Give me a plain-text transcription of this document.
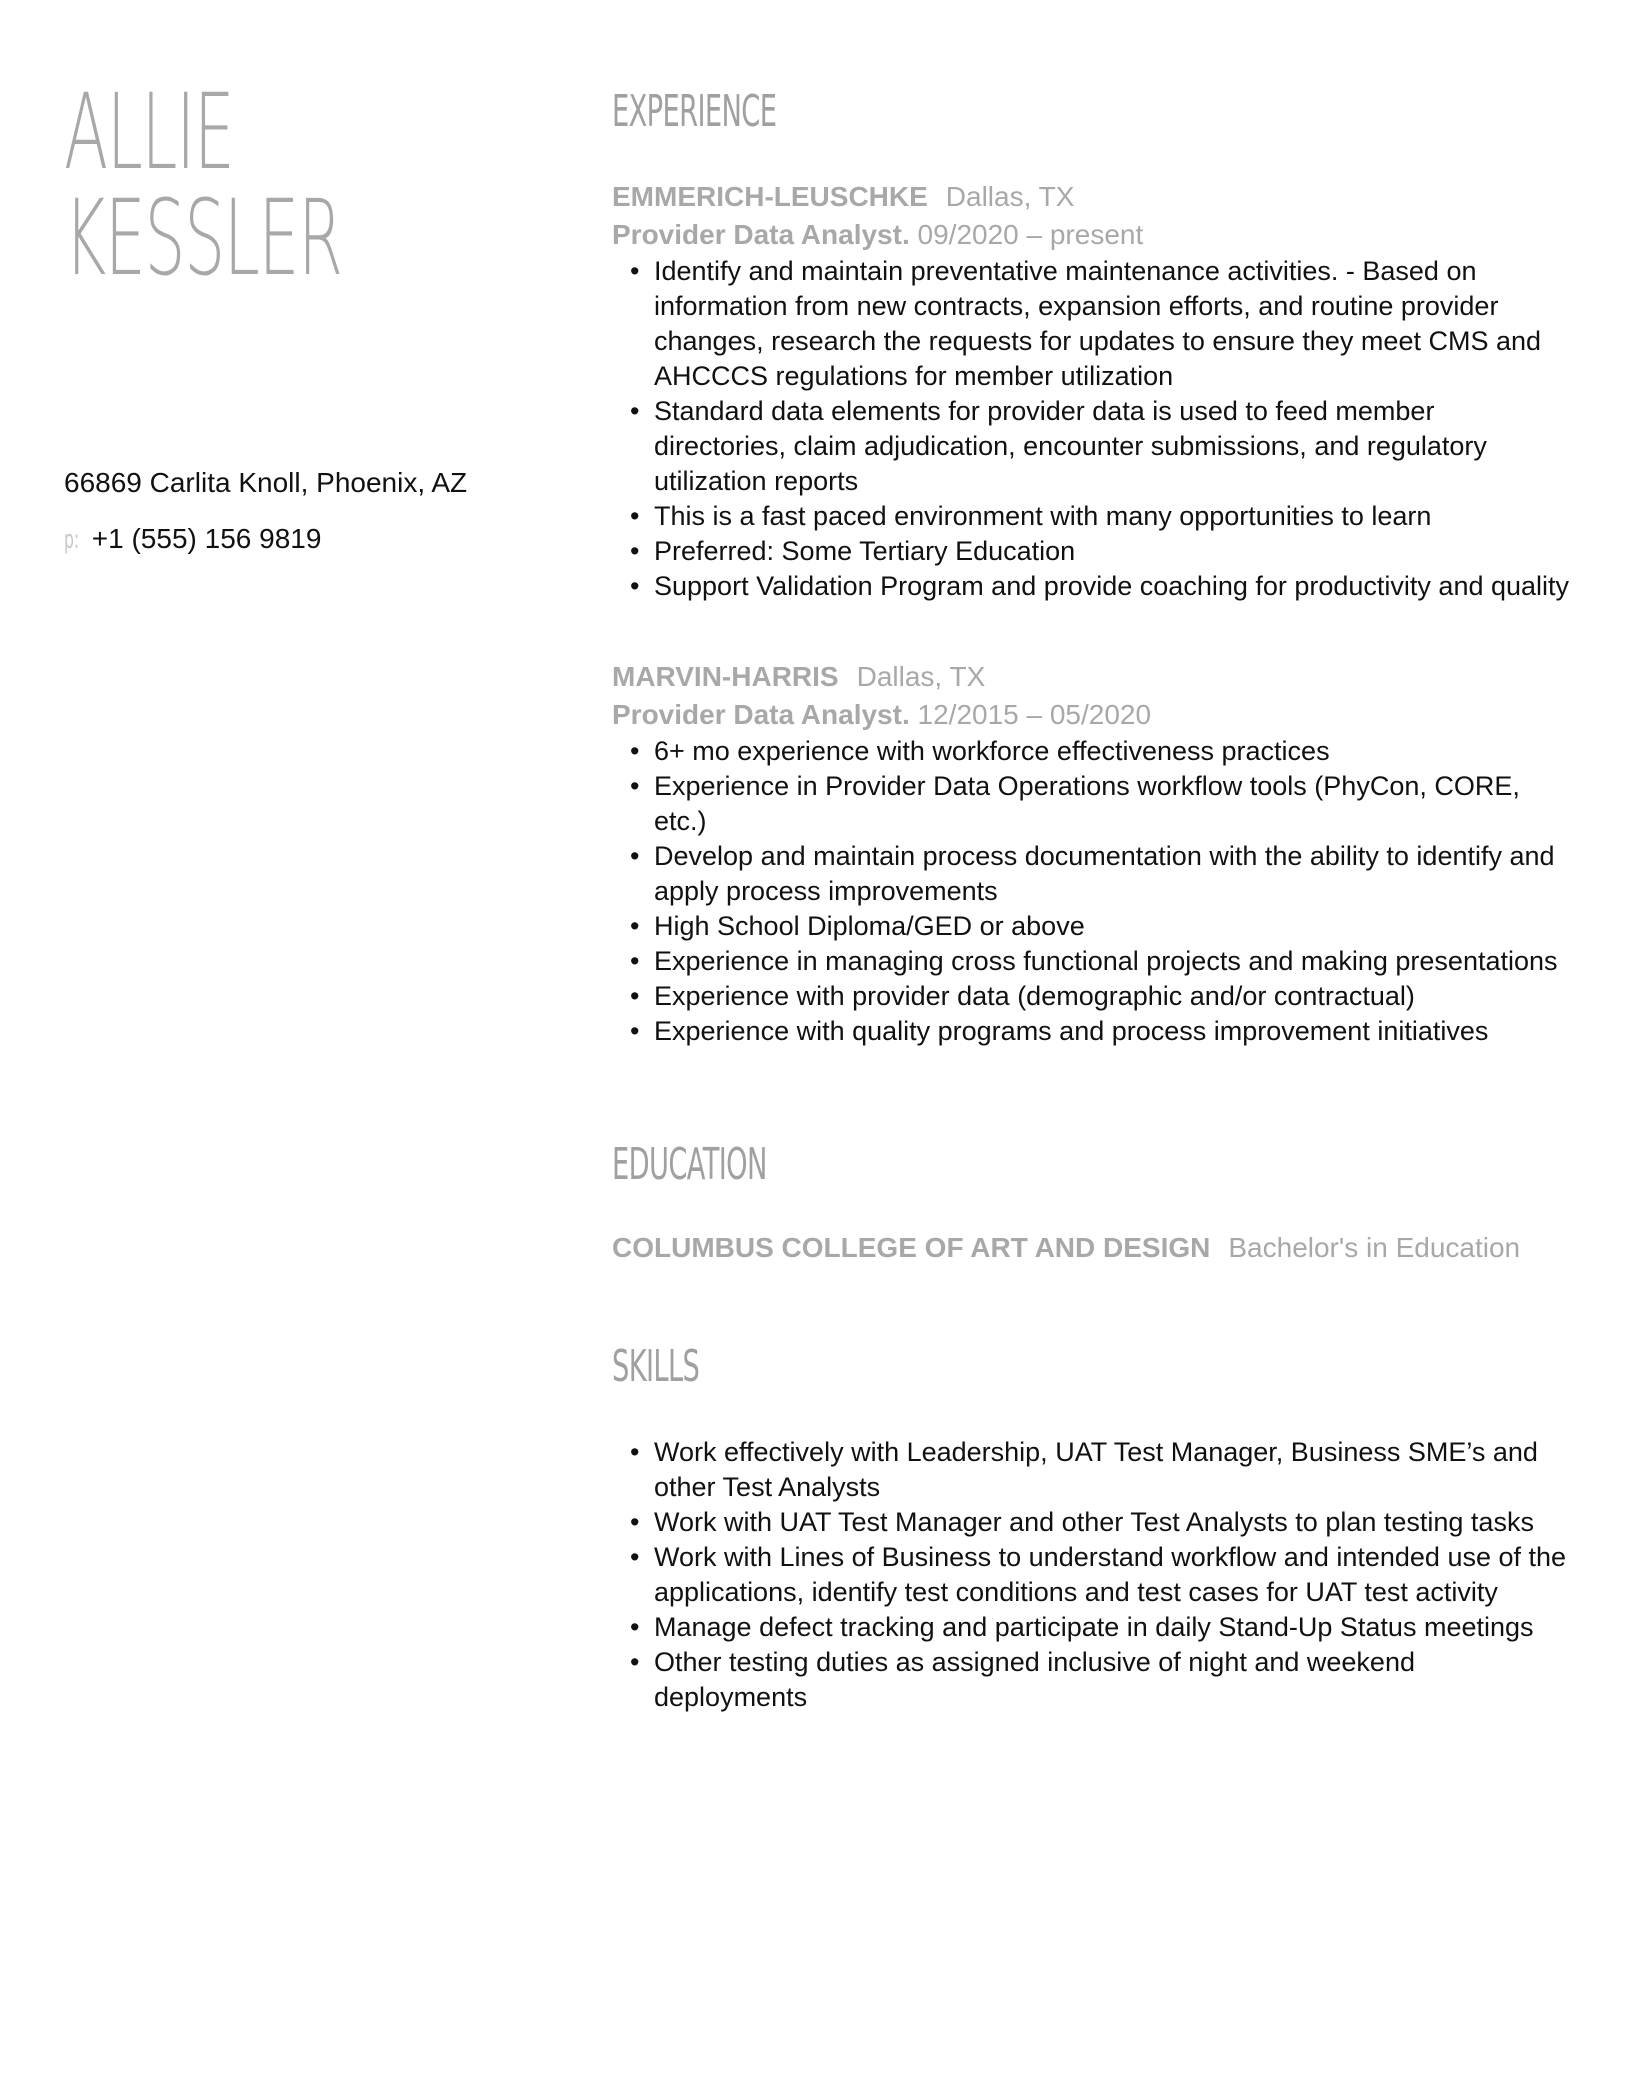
ALLIE
KESSLER
66869 Carlita Knoll, Phoenix, AZ
p: +1 (555) 156 9819
EXPERIENCE
EMMERICH-LEUSCHKE Dallas, TX
Provider Data Analyst. 09/2020 – present
• Identify and maintain preventative maintenance activities. - Based on information from new contracts, expansion efforts, and routine provider changes, research the requests for updates to ensure they meet CMS and AHCCCS regulations for member utilization
• Standard data elements for provider data is used to feed member directories, claim adjudication, encounter submissions, and regulatory utilization reports
• This is a fast paced environment with many opportunities to learn
• Preferred: Some Tertiary Education
• Support Validation Program and provide coaching for productivity and quality
MARVIN-HARRIS Dallas, TX
Provider Data Analyst. 12/2015 – 05/2020
• 6+ mo experience with workforce effectiveness practices
• Experience in Provider Data Operations workflow tools (PhyCon, CORE, etc.)
• Develop and maintain process documentation with the ability to identify and apply process improvements
• High School Diploma/GED or above
• Experience in managing cross functional projects and making presentations
• Experience with provider data (demographic and/or contractual)
• Experience with quality programs and process improvement initiatives
EDUCATION
COLUMBUS COLLEGE OF ART AND DESIGN Bachelor's in Education
SKILLS
• Work effectively with Leadership, UAT Test Manager, Business SME’s and other Test Analysts
• Work with UAT Test Manager and other Test Analysts to plan testing tasks
• Work with Lines of Business to understand workflow and intended use of the applications, identify test conditions and test cases for UAT test activity
• Manage defect tracking and participate in daily Stand-Up Status meetings
• Other testing duties as assigned inclusive of night and weekend deployments
